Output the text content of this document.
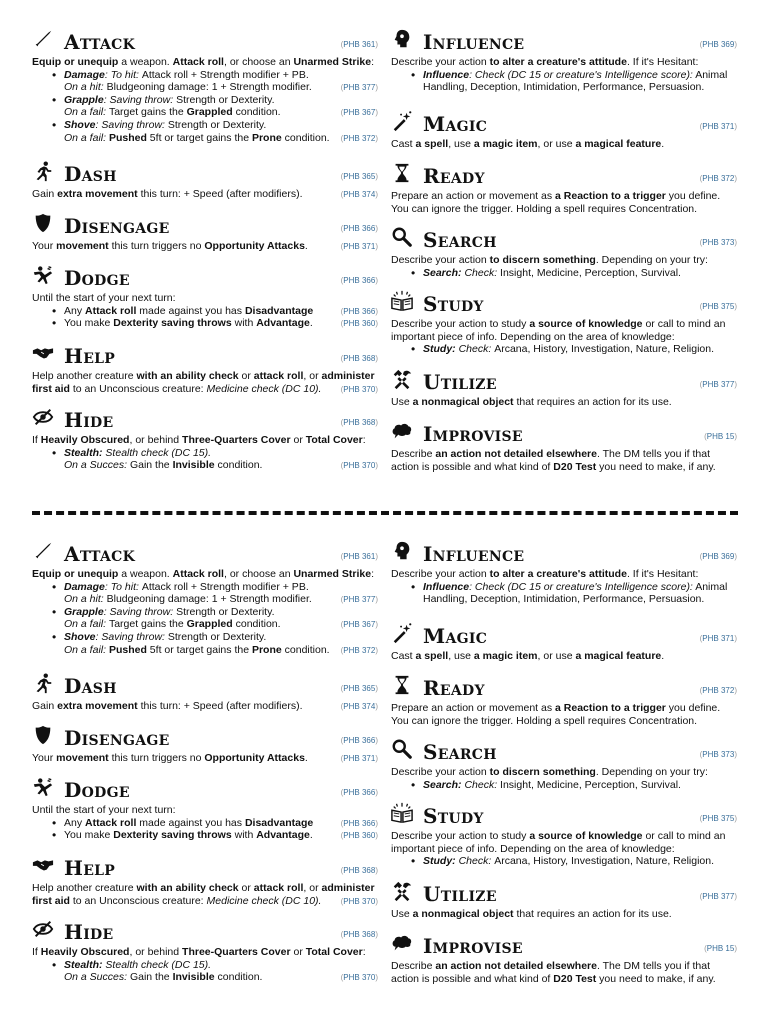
Attack	(PHB 361)
Equip or unequip a weapon. Attack roll, or choose an Unarmed Strike:
• Damage: To hit: Attack roll + Strength modifier + PB.
On a hit: Bludgeoning damage: 1 + Strength modifier.	(PHB 377)
• Grapple: Saving throw: Strength or Dexterity.
On a fail: Target gains the Grappled condition.	(PHB 367)
• Shove: Saving throw: Strength or Dexterity.
On a fail: Pushed 5ft or target gains the Prone condition. (PHB 372)
Dash	(PHB 365)
Gain extra movement this turn: + Speed (after modifiers).	(PHB 374)
Disengage	(PHB 366)
Your movement this turn triggers no Opportunity Attacks.	(PHB 371)
Dodge	(PHB 366)
Until the start of your next turn:
• Any Attack roll made against you has Disadvantage	(PHB 366)
• You make Dexterity saving throws with Advantage.	(PHB 360)
Help	(PHB 368)
Help another creature with an ability check or attack roll, or administer
first aid to an Unconscious creature: Medicine check (DC 10). (PHB 370)
Hide	(PHB 368)
If Heavily Obscured, or behind Three-Quarters Cover or Total Cover:
• Stealth: Stealth check (DC 15).
On a Succes: Gain the Invisible condition.	(PHB 370)
Influence	(PHB 369)
Describe your action to alter a creature's attitude. If it's Hesitant:
• Influence: Check (DC 15 or creature's Intelligence score): Animal
Handling, Deception, Intimidation, Performance, Persuasion.
Magic	(PHB 371)
Cast a spell, use a magic item, or use a magical feature.
Ready	(PHB 372)
Prepare an action or movement as a Reaction to a trigger you define.
You can ignore the trigger. Holding a spell requires Concentration.
Search	(PHB 373)
Describe your action to discern something. Depending on your try:
• Search: Check: Insight, Medicine, Perception, Survival.
Study	(PHB 375)
Describe your action to study a source of knowledge or call to mind an
important piece of info. Depending on the area of knowledge:
• Study: Check: Arcana, History, Investigation, Nature, Religion.
Utilize	(PHB 377)
Use a nonmagical object that requires an action for its use.
Improvise	(PHB 15)
Describe an action not detailed elsewhere. The DM tells you if that
action is possible and what kind of D20 Test you need to make, if any.
Attack	(PHB 361)
Equip or unequip a weapon. Attack roll, or choose an Unarmed Strike:
• Damage: To hit: Attack roll + Strength modifier + PB.
On a hit: Bludgeoning damage: 1 + Strength modifier.	(PHB 377)
• Grapple: Saving throw: Strength or Dexterity.
On a fail: Target gains the Grappled condition.	(PHB 367)
• Shove: Saving throw: Strength or Dexterity.
On a fail: Pushed 5ft or target gains the Prone condition. (PHB 372)
Dash	(PHB 365)
Gain extra movement this turn: + Speed (after modifiers).	(PHB 374)
Disengage	(PHB 366)
Your movement this turn triggers no Opportunity Attacks.	(PHB 371)
Dodge	(PHB 366)
Until the start of your next turn:
• Any Attack roll made against you has Disadvantage	(PHB 366)
• You make Dexterity saving throws with Advantage.	(PHB 360)
Help	(PHB 368)
Help another creature with an ability check or attack roll, or administer
first aid to an Unconscious creature: Medicine check (DC 10). (PHB 370)
Hide	(PHB 368)
If Heavily Obscured, or behind Three-Quarters Cover or Total Cover:
• Stealth: Stealth check (DC 15).
On a Succes: Gain the Invisible condition.	(PHB 370)
Influence	(PHB 369)
Describe your action to alter a creature's attitude. If it's Hesitant:
• Influence: Check (DC 15 or creature's Intelligence score): Animal
Handling, Deception, Intimidation, Performance, Persuasion.
Magic	(PHB 371)
Cast a spell, use a magic item, or use a magical feature.
Ready	(PHB 372)
Prepare an action or movement as a Reaction to a trigger you define.
You can ignore the trigger. Holding a spell requires Concentration.
Search	(PHB 373)
Describe your action to discern something. Depending on your try:
• Search: Check: Insight, Medicine, Perception, Survival.
Study	(PHB 375)
Describe your action to study a source of knowledge or call to mind an
important piece of info. Depending on the area of knowledge:
• Study: Check: Arcana, History, Investigation, Nature, Religion.
Utilize	(PHB 377)
Use a nonmagical object that requires an action for its use.
Improvise	(PHB 15)
Describe an action not detailed elsewhere. The DM tells you if that
action is possible and what kind of D20 Test you need to make, if any.
